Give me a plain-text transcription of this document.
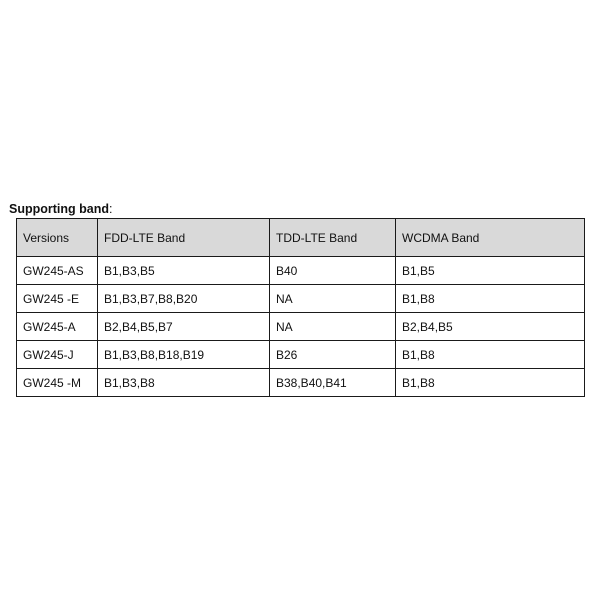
Supporting band:
Versions	FDD-LTE Band	TDD-LTE Band	WCDMA Band
GW245-AS	B1,B3,B5	B40	B1,B5
GW245 -E	B1,B3,B7,B8,B20	NA	B1,B8
GW245-A	B2,B4,B5,B7	NA	B2,B4,B5
GW245-J	B1,B3,B8,B18,B19	B26	B1,B8
GW245 -M	B1,B3,B8	B38,B40,B41	B1,B8
